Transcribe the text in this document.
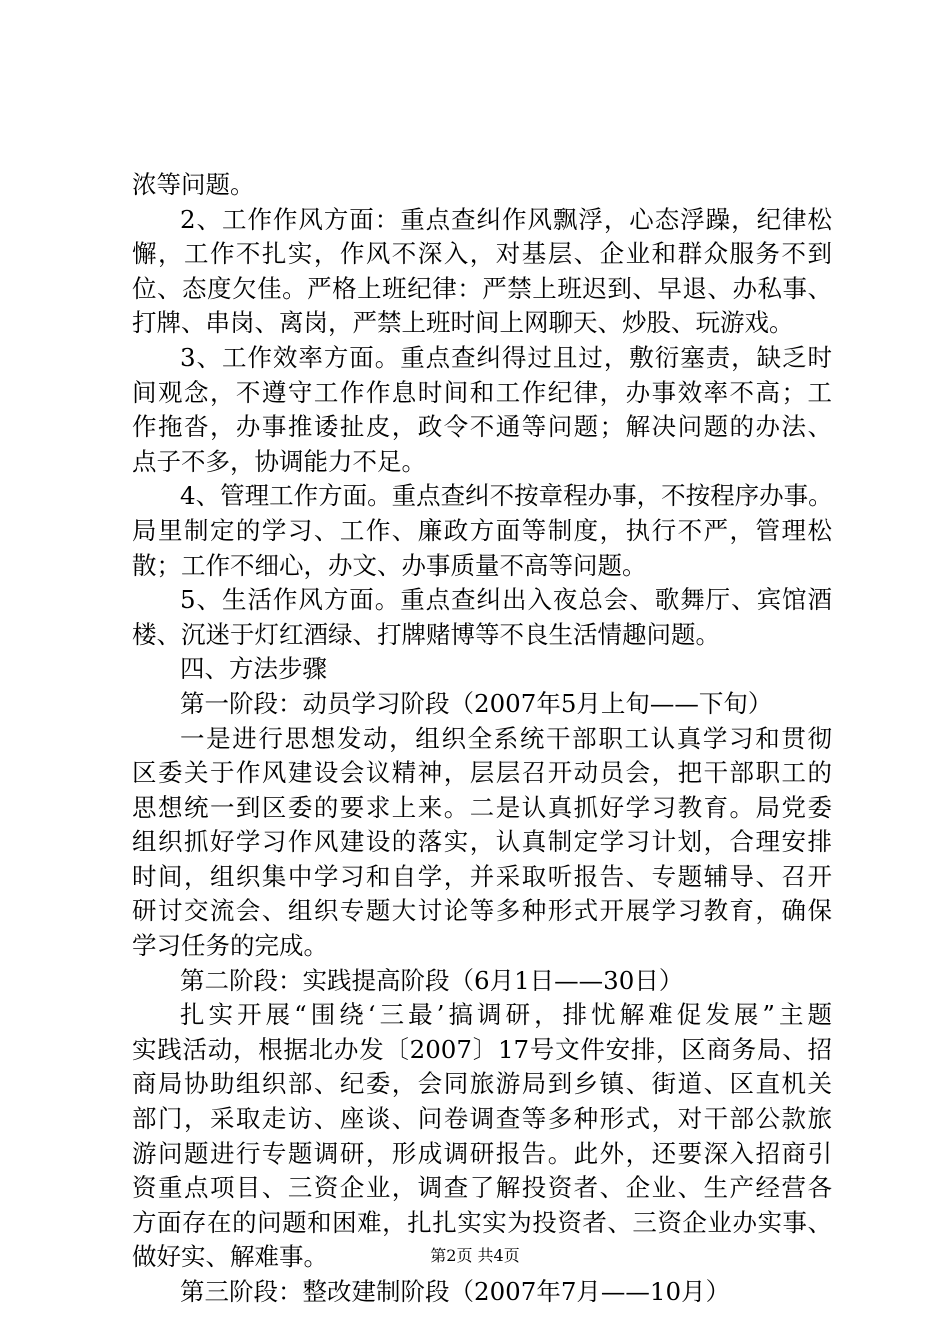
浓等问题。
2、工作作风方面：重点查纠作风飘浮，心态浮躁，纪律松
懈，工作不扎实，作风不深入，对基层、企业和群众服务不到
位、态度欠佳。严格上班纪律：严禁上班迟到、早退、办私事、
打牌、串岗、离岗，严禁上班时间上网聊天、炒股、玩游戏。
3、工作效率方面。重点查纠得过且过，敷衍塞责，缺乏时
间观念，不遵守工作作息时间和工作纪律，办事效率不高；工
作拖沓，办事推诿扯皮，政令不通等问题；解决问题的办法、
点子不多，协调能力不足。
4、管理工作方面。重点查纠不按章程办事，不按程序办事。
局里制定的学习、工作、廉政方面等制度，执行不严，管理松
散；工作不细心，办文、办事质量不高等问题。
5、生活作风方面。重点查纠出入夜总会、歌舞厅、宾馆酒
楼、沉迷于灯红酒绿、打牌赌博等不良生活情趣问题。
四、方法步骤
第一阶段：动员学习阶段（2007年5月上旬——下旬）
一是进行思想发动，组织全系统干部职工认真学习和贯彻
区委关于作风建设会议精神，层层召开动员会，把干部职工的
思想统一到区委的要求上来。二是认真抓好学习教育。局党委
组织抓好学习作风建设的落实，认真制定学习计划，合理安排
时间，组织集中学习和自学，并采取听报告、专题辅导、召开
研讨交流会、组织专题大讨论等多种形式开展学习教育，确保
学习任务的完成。
第二阶段：实践提高阶段（6月1日——30日）
扎实开展“围绕‘三最’搞调研，排忧解难促发展”主题
实践活动，根据北办发〔2007〕17号文件安排，区商务局、招
商局协助组织部、纪委，会同旅游局到乡镇、街道、区直机关
部门，采取走访、座谈、问卷调查等多种形式，对干部公款旅
游问题进行专题调研，形成调研报告。此外，还要深入招商引
资重点项目、三资企业，调查了解投资者、企业、生产经营各
方面存在的问题和困难，扎扎实实为投资者、三资企业办实事、
做好实、解难事。
第三阶段：整改建制阶段（2007年7月——10月）
第2页 共4页
